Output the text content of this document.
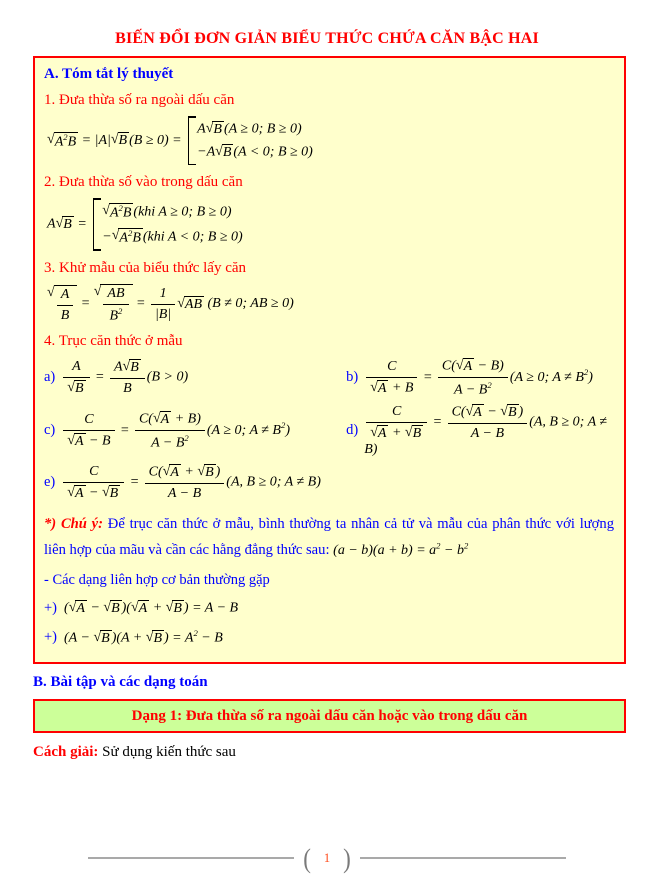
BIẾN ĐỔI ĐƠN GIẢN BIỂU THỨC CHỨA CĂN BẬC HAI
A. Tóm tắt lý thuyết
1. Đưa thừa số ra ngoài dấu căn
√ $A^2B = |A|$ √ B (B ≥ 0) =
A √ B (A ≥ 0; B ≥ 0)
−A √ B (A < 0; B ≥ 0)
2. Đưa thừa số vào trong dấu căn
A √ B =
√ $A^2B$ (khi A ≥ 0; B ≥ 0)
− √ $A^2B$ (khi A < 0; B ≥ 0)
3. Khử mẫu của biểu thức lấy căn
√ $\frac{A}{B}$ =
√ $\frac{AB}{B^2} = \frac{1}{|B|}$ √ AB (B ≠ 0; AB ≥ 0)
4. Trục căn thức ở mẫu
$a) \frac{A}{√ B} = \frac{A √ B}{B} (B > 0)$	$b) \frac{C}{√ A + B} = \frac{C( √ A - B)}{A - B^2} (A \ge 0$; $A \ne B^2$)
$c) \frac{C}{√ A - B} = \frac{C( √ A + B)}{A - B^2} (A \ge 0$; $A \ne B^2$)	$d) \frac{C}{√ A + √ B} = \frac{C( √ A - √ B )}{A - B} (A$, B ≥ 0; A ≠ B)
$e) \frac{C}{√ A - √ B} = \frac{C( √ A + √ B )}{A - B} (A$, B ≥ 0; A ≠ B)
*) Chú ý: Để trục căn thức ở mẫu, bình thường ta nhân cả tử và mẫu của phân thức với lượng liên hợp của mãu và cần các hằng đẳng thức sau: $(a - b)(a + b) = a^2 - b^2$
- Các dạng liên hợp cơ bản thường gặp
+) ( √ A − √ B )( √ A + √ B ) = A − B
+) (A − √ B )(A + √ B ) = $A^2 - B$
B. Bài tập và các dạng toán
Dạng 1: Đưa thừa số ra ngoài dấu căn hoặc vào trong dấu căn
Cách giải: Sử dụng kiến thức sau
(	1 )
